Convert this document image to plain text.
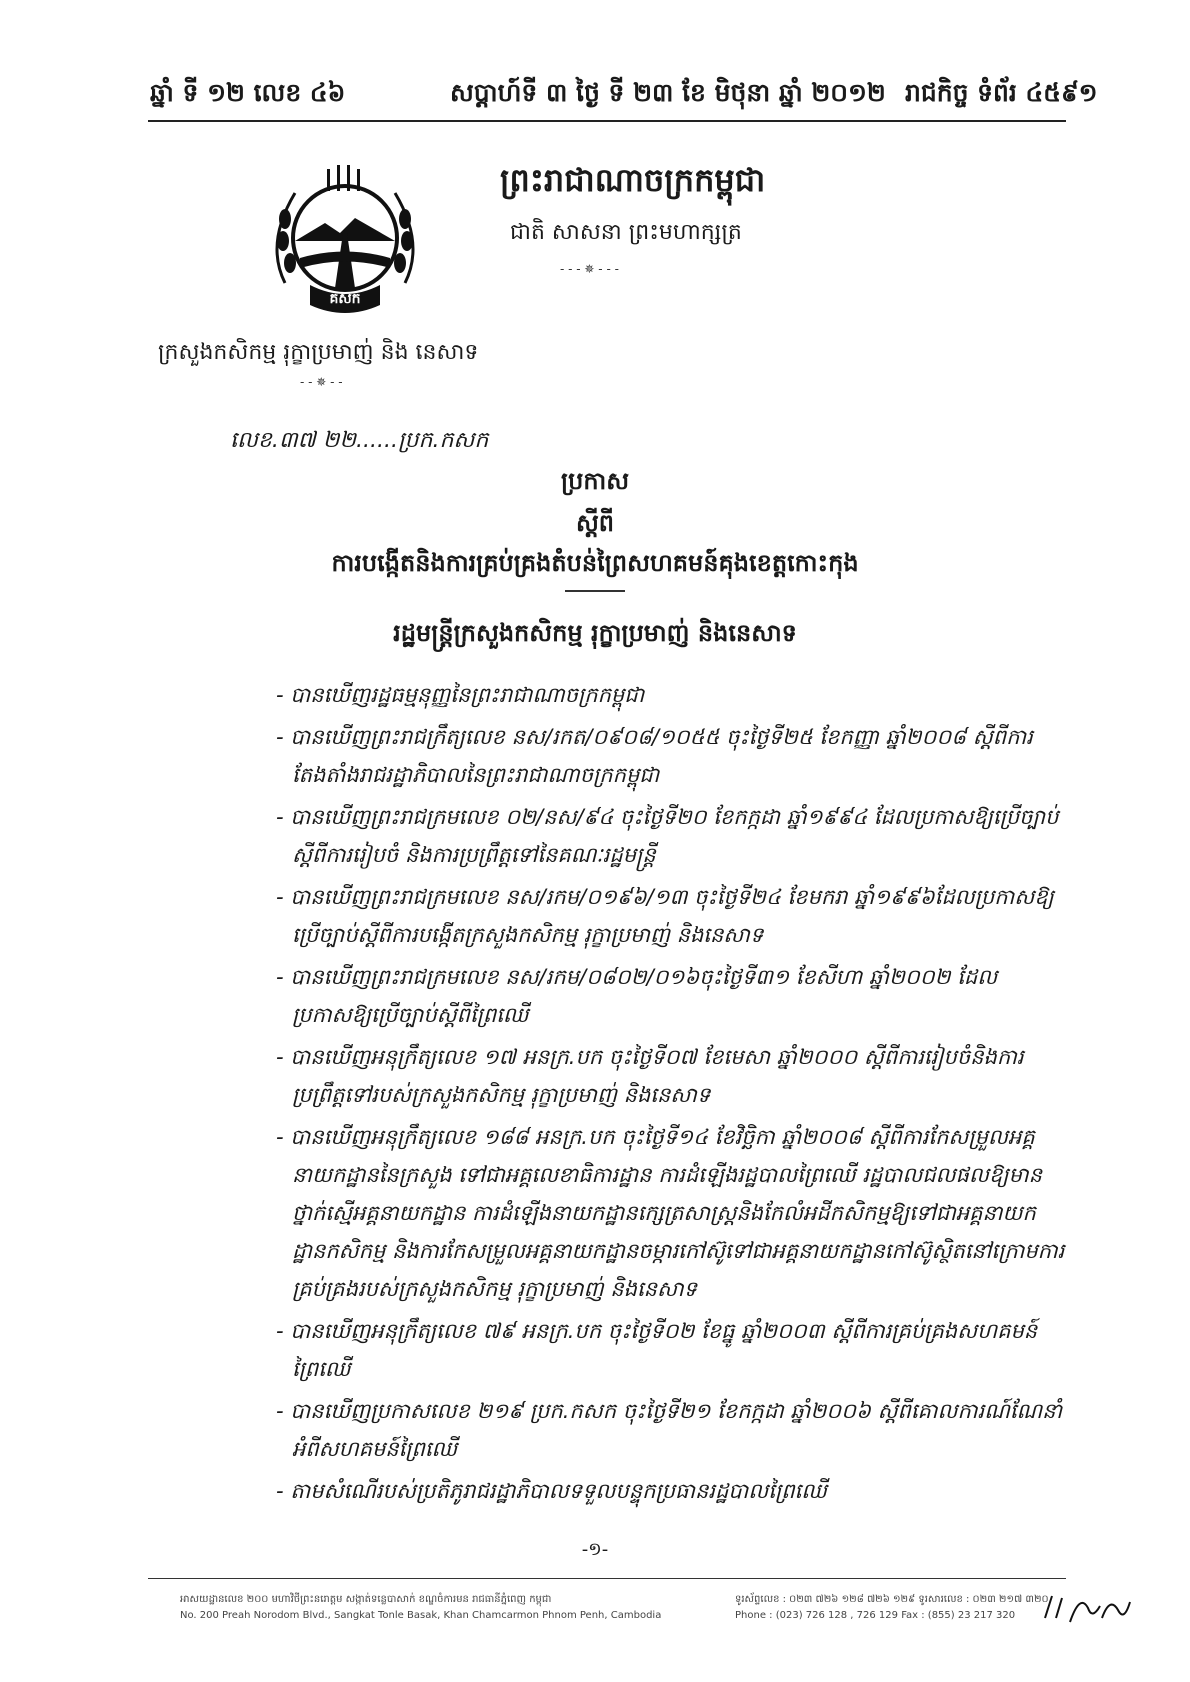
ឆ្នាំ ទី ១២ លេខ ៤៦	សប្ដាហ៍ទី ៣ ថ្ងៃ ទី ២៣ ខែ មិថុនា ឆ្នាំ ២០១២ រាជកិច្ច ទំព័រ ៤៥៩១
គសក
ព្រះរាជាណាចក្រកម្ពុជា
ជាតិ សាសនា ព្រះមហាក្សត្រ
- - - ✵ - - -
ក្រសួងកសិកម្ម រុក្ខាប្រមាញ់ និង នេសាទ
- - ✵ - -
លេខ.៣៧ ២២......ប្រក.កសក
ប្រកាស
ស្ដីពី
ការបង្កើតនិងការគ្រប់គ្រងតំបន់ព្រៃសហគមន៍គុងខេត្តកោះកុង
រដ្ឋមន្ត្រីក្រសួងកសិកម្ម រុក្ខាប្រមាញ់ និងនេសាទ
- បានឃើញរដ្ឋធម្មនុញ្ញនៃព្រះរាជាណាចក្រកម្ពុជា
- បានឃើញព្រះរាជក្រឹត្យលេខ នស/រកត/០៩០៨/១០៥៥ ចុះថ្ងៃទី២៥ ខែកញ្ញា ឆ្នាំ២០០៨ ស្ដីពីការតែងតាំងរាជរដ្ឋាភិបាលនៃព្រះរាជាណាចក្រកម្ពុជា
- បានឃើញព្រះរាជក្រមលេខ ០២/នស/៩៤ ចុះថ្ងៃទី២០ ខែកក្កដា ឆ្នាំ១៩៩៤ ដែលប្រកាសឱ្យប្រើច្បាប់ស្ដីពីការរៀបចំ និងការប្រព្រឹត្តទៅនៃគណៈរដ្ឋមន្ត្រី
- បានឃើញព្រះរាជក្រមលេខ នស/រកម/០១៩៦/១៣ ចុះថ្ងៃទី២៤ ខែមករា ឆ្នាំ១៩៩៦ដែលប្រកាសឱ្យប្រើច្បាប់ស្ដីពីការបង្កើតក្រសួងកសិកម្ម រុក្ខាប្រមាញ់ និងនេសាទ
- បានឃើញព្រះរាជក្រមលេខ នស/រកម/០៨០២/០១៦ចុះថ្ងៃទី៣១ ខែសីហា ឆ្នាំ២០០២ ដែលប្រកាសឱ្យប្រើច្បាប់ស្ដីពីព្រៃឈើ
- បានឃើញអនុក្រឹត្យលេខ ១៧ អនក្រ.បក ចុះថ្ងៃទី០៧ ខែមេសា ឆ្នាំ២០០០ ស្ដីពីការរៀបចំនិងការប្រព្រឹត្តទៅរបស់ក្រសួងកសិកម្ម រុក្ខាប្រមាញ់ និងនេសាទ
- បានឃើញអនុក្រឹត្យលេខ ១៨៨ អនក្រ.បក ចុះថ្ងៃទី១៤ ខែវិច្ឆិកា ឆ្នាំ២០០៨ ស្ដីពីការកែសម្រួលអគ្គនាយកដ្ឋាននៃក្រសួង ទៅជាអគ្គលេខាធិការដ្ឋាន ការដំឡើងរដ្ឋបាលព្រៃឈើ រដ្ឋបាលជលផលឱ្យមានថ្នាក់ស្មើអគ្គនាយកដ្ឋាន ការដំឡើងនាយកដ្ឋានក្សេត្រសាស្ត្រនិងកែលំអដីកសិកម្មឱ្យទៅជាអគ្គនាយកដ្ឋានកសិកម្ម និងការកែសម្រួលអគ្គនាយកដ្ឋានចម្ការកៅស៊ូទៅជាអគ្គនាយកដ្ឋានកៅស៊ូស្ថិតនៅក្រោមការគ្រប់គ្រងរបស់ក្រសួងកសិកម្ម រុក្ខាប្រមាញ់ និងនេសាទ
- បានឃើញអនុក្រឹត្យលេខ ៧៩ អនក្រ.បក ចុះថ្ងៃទី០២ ខែធ្នូ ឆ្នាំ២០០៣ ស្ដីពីការគ្រប់គ្រងសហគមន៍ព្រៃឈើ
- បានឃើញប្រកាសលេខ ២១៩ ប្រក.កសក ចុះថ្ងៃទី២១ ខែកក្កដា ឆ្នាំ២០០៦ ស្ដីពីគោលការណ៍ណែនាំអំពីសហគមន៍ព្រៃឈើ
- តាមសំណើរបស់ប្រតិភូរាជរដ្ឋាភិបាលទទួលបន្ទុកប្រធានរដ្ឋបាលព្រៃឈើ
-១-
អាសយដ្ឋានលេខ ២០០ មហាវិថីព្រះនរោត្តម សង្កាត់ទន្លេបាសាក់ ខណ្ឌចំការមន រាជធានីភ្នំពេញ កម្ពុជា
No. 200 Preah Norodom Blvd., Sangkat Tonle Basak, Khan Chamcarmon Phnom Penh, Cambodia
ទូរស័ព្ទលេខ : ០២៣ ៧២៦ ១២៨ ៧២៦ ១២៩ ទូរសារលេខ : ០២៣ ២១៧ ៣២០
Phone : (023) 726 128 , 726 129 Fax : (855) 23 217 320
